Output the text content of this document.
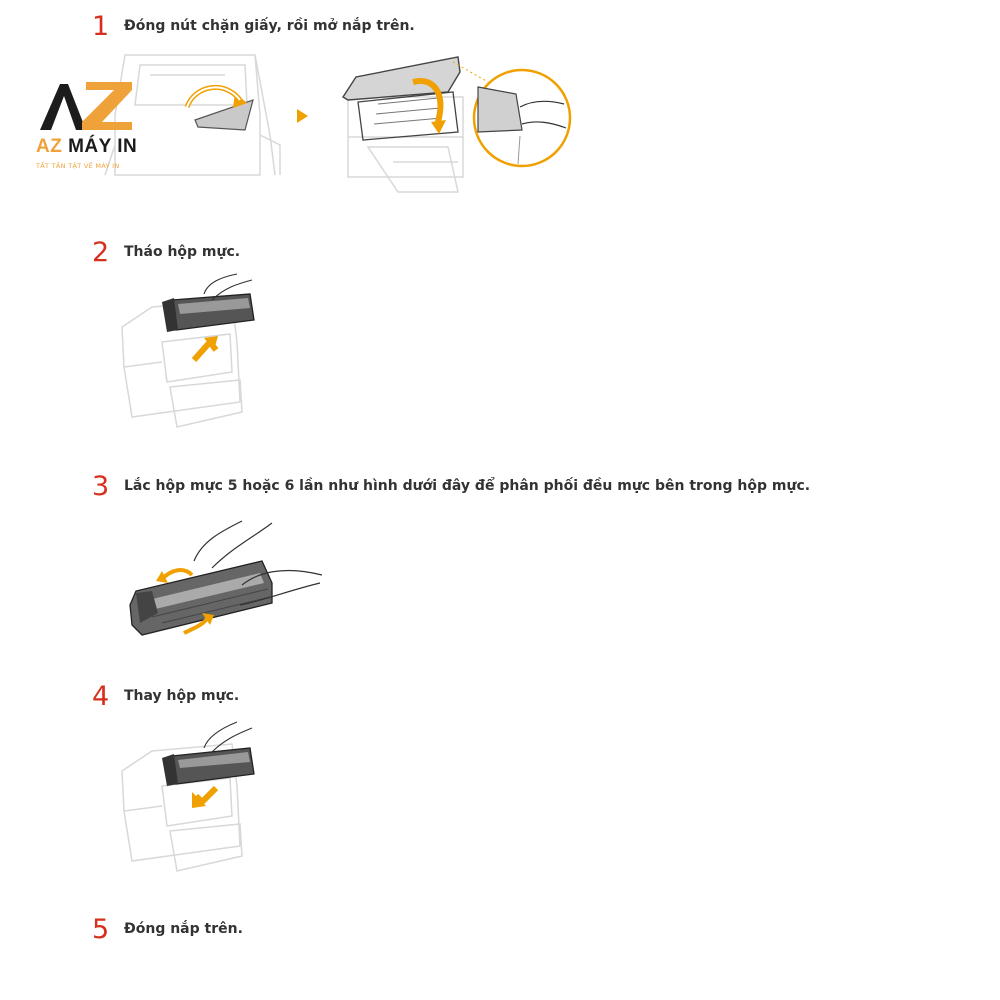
1 Đóng nút chặn giấy, rồi mở nắp trên.
AZ MÁY IN
TẤT TẦN TẬT VỀ MÁY IN
2 Tháo hộp mực.
3 Lắc hộp mực 5 hoặc 6 lần như hình dưới đây để phân phối đều mực bên trong hộp mực.
4 Thay hộp mực.
5 Đóng nắp trên.
